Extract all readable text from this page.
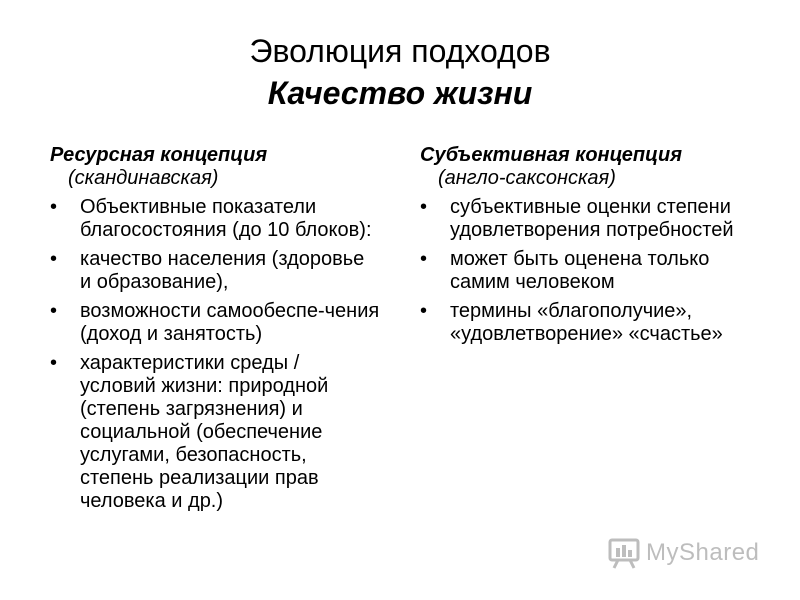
Эволюция подходов
Качество жизни
Ресурсная концепция
(скандинавская)
• Объективные показатели благосостояния (до 10 блоков):
• качество населения (здоровье и образование),
• возможности самообеспе-чения (доход и занятость)
• характеристики среды / условий жизни: природной (степень загрязнения) и социальной (обеспечение услугами, безопасность, степень реализации прав человека и др.)
Субъективная концепция
(англо-саксонская)
• субъективные оценки степени удовлетворения потребностей
• может быть оценена только самим человеком
• термины «благополучие», «удовлетворение» «счастье»
MyShared
